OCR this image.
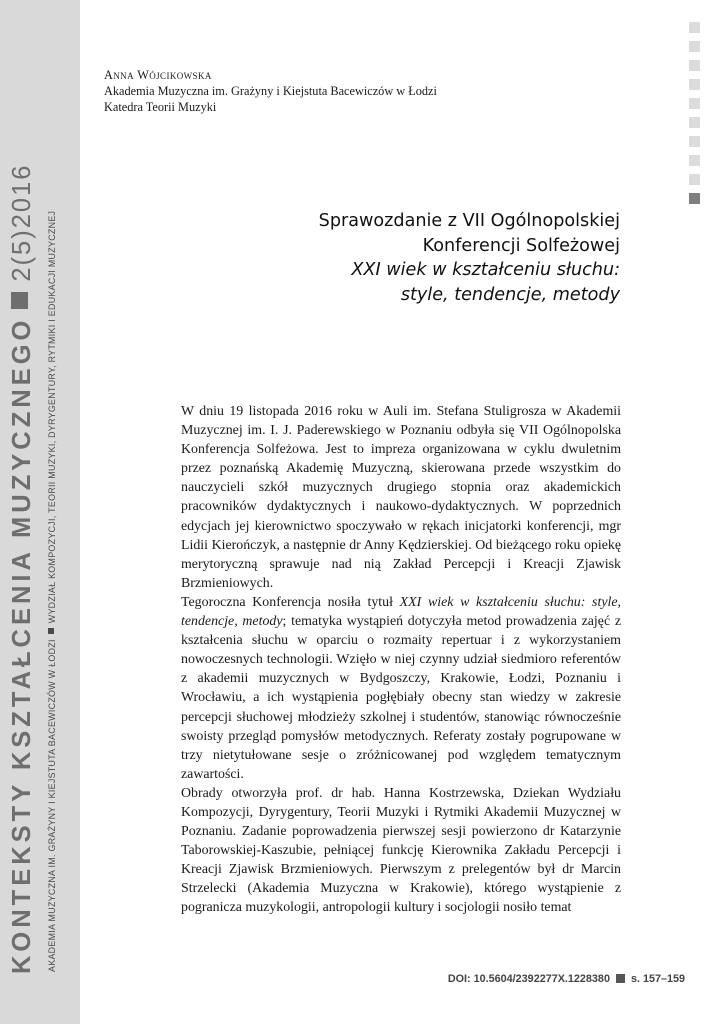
KONTEKSTY KSZTAŁCENIA MUZYCZNEGO2(5)2016
AKADEMIA MUZYCZNA IM. GRAŻYNY I KIEJSTUTA BACEWICZÓW W ŁODZIWYDZIAŁ KOMPOZYCJI, TEORII MUZYKI, DYRYGENTURY, RYTMIKI I EDUKACJI MUZYCZNEJ
Anna Wójcikowska
Akademia Muzyczna im. Grażyny i Kiejstuta Bacewiczów w Łodzi
Katedra Teorii Muzyki
Sprawozdanie z VII Ogólnopolskiej
Konferencji Solfeżowej
XXI wiek w kształceniu słuchu:
style, tendencje, metody

W dniu 19 listopada 2016 roku w Auli im. Stefana Stuligrosza w Akademii Muzycznej im. I. J. Paderewskiego w Poznaniu odbyła się VII Ogólnopolska Konferencja Solfeżowa. Jest to impreza organizowana w cyklu dwuletnim przez poznańską Akademię Muzyczną, skierowana przede wszystkim do nauczycieli szkół muzycznych drugiego stopnia oraz akademickich pracowników dydaktycznych i naukowo-dydaktycznych. W poprzednich edycjach jej kierownictwo spoczywało w rękach inicjatorki konferencji, mgr Lidii Kierończyk, a następnie dr Anny Kędzierskiej. Od bieżącego roku opiekę merytoryczną sprawuje nad nią Zakład Percepcji i Kreacji Zjawisk Brzmieniowych.

Tegoroczna Konferencja nosiła tytuł XXI wiek w kształceniu słuchu: style, tendencje, metody; tematyka wystąpień dotyczyła metod prowadzenia zajęć z kształcenia słuchu w oparciu o rozmaity repertuar i z wykorzystaniem nowoczesnych technologii. Wzięło w niej czynny udział siedmioro referentów z akademii muzycznych w Bydgoszczy, Krakowie, Łodzi, Poznaniu i Wrocławiu, a ich wystąpienia pogłębiały obecny stan wiedzy w zakresie percepcji słuchowej młodzieży szkolnej i studentów, stanowiąc równocześnie swoisty przegląd pomysłów metodycznych. Referaty zostały pogrupowane w trzy nietytułowane sesje o zróżnicowanej pod względem tematycznym zawartości.

Obrady otworzyła prof. dr hab. Hanna Kostrzewska, Dziekan Wydziału Kompozycji, Dyrygentury, Teorii Muzyki i Rytmiki Akademii Muzycznej w Poznaniu. Zadanie poprowadzenia pierwszej sesji powierzono dr Katarzynie Taborowskiej-Kaszubie, pełniącej funkcję Kierownika Zakładu Percepcji i Kreacji Zjawisk Brzmieniowych. Pierwszym z prelegentów był dr Marcin Strzelecki (Akademia Muzyczna w Krakowie), którego wystąpienie z pogranicza muzykologii, antropologii kultury i socjologii nosiło temat

DOI: 10.5604/2392277X.1228380 s. 157–159
